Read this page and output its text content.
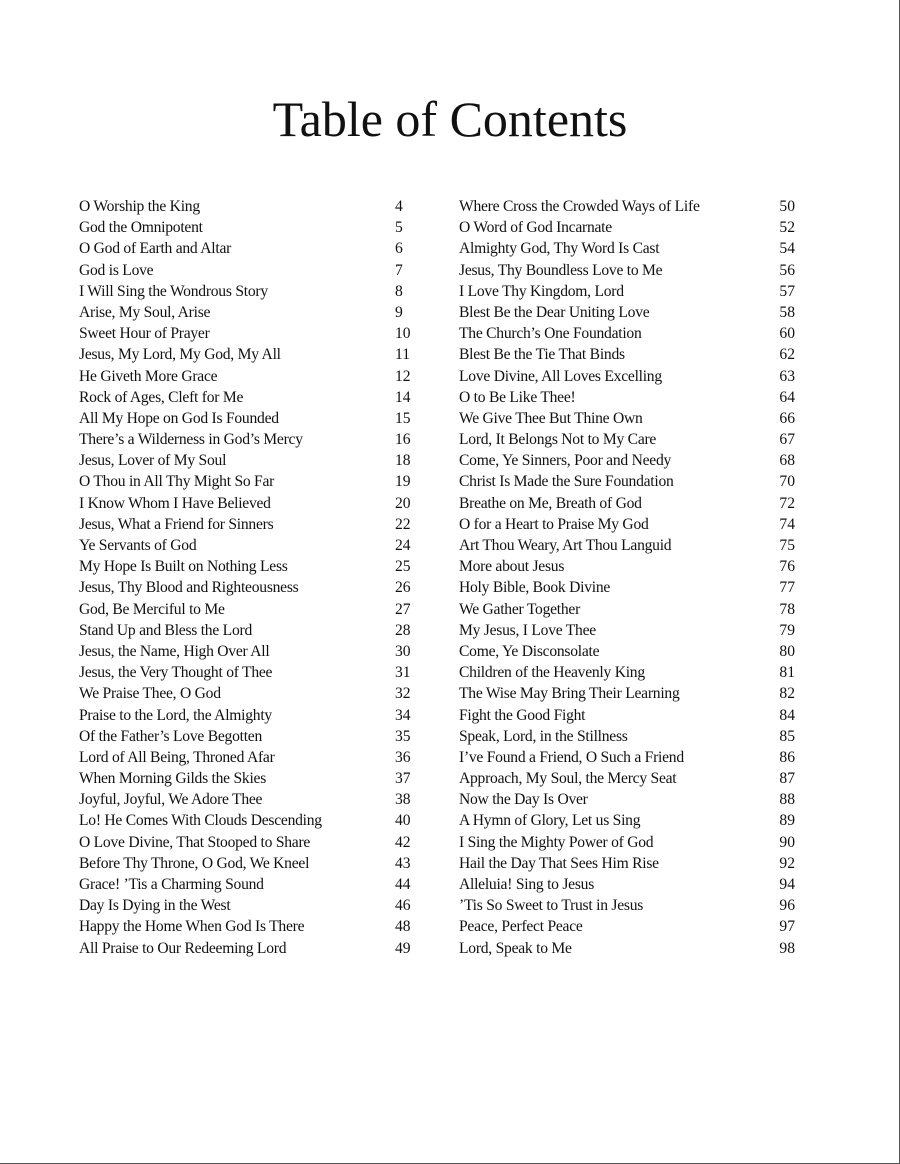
Table of Contents
O Worship the King	4
God the Omnipotent	5
O God of Earth and Altar	6
God is Love	7
I Will Sing the Wondrous Story	8
Arise, My Soul, Arise	9
Sweet Hour of Prayer	10
Jesus, My Lord, My God, My All	11
He Giveth More Grace	12
Rock of Ages, Cleft for Me	14
All My Hope on God Is Founded	15
There’s a Wilderness in God’s Mercy	16
Jesus, Lover of My Soul	18
O Thou in All Thy Might So Far	19
I Know Whom I Have Believed	20
Jesus, What a Friend for Sinners	22
Ye Servants of God	24
My Hope Is Built on Nothing Less	25
Jesus, Thy Blood and Righteousness	26
God, Be Merciful to Me	27
Stand Up and Bless the Lord	28
Jesus, the Name, High Over All	30
Jesus, the Very Thought of Thee	31
We Praise Thee, O God	32
Praise to the Lord, the Almighty	34
Of the Father’s Love Begotten	35
Lord of All Being, Throned Afar	36
When Morning Gilds the Skies	37
Joyful, Joyful, We Adore Thee	38
Lo! He Comes With Clouds Descending	40
O Love Divine, That Stooped to Share	42
Before Thy Throne, O God, We Kneel	43
Grace! ’Tis a Charming Sound	44
Day Is Dying in the West	46
Happy the Home When God Is There	48
All Praise to Our Redeeming Lord	49
Where Cross the Crowded Ways of Life	50
O Word of God Incarnate	52
Almighty God, Thy Word Is Cast	54
Jesus, Thy Boundless Love to Me	56
I Love Thy Kingdom, Lord	57
Blest Be the Dear Uniting Love	58
The Church’s One Foundation	60
Blest Be the Tie That Binds	62
Love Divine, All Loves Excelling	63
O to Be Like Thee!	64
We Give Thee But Thine Own	66
Lord, It Belongs Not to My Care	67
Come, Ye Sinners, Poor and Needy	68
Christ Is Made the Sure Foundation	70
Breathe on Me, Breath of God	72
O for a Heart to Praise My God	74
Art Thou Weary, Art Thou Languid	75
More about Jesus	76
Holy Bible, Book Divine	77
We Gather Together	78
My Jesus, I Love Thee	79
Come, Ye Disconsolate	80
Children of the Heavenly King	81
The Wise May Bring Their Learning	82
Fight the Good Fight	84
Speak, Lord, in the Stillness	85
I’ve Found a Friend, O Such a Friend	86
Approach, My Soul, the Mercy Seat	87
Now the Day Is Over	88
A Hymn of Glory, Let us Sing	89
I Sing the Mighty Power of God	90
Hail the Day That Sees Him Rise	92
Alleluia! Sing to Jesus	94
’Tis So Sweet to Trust in Jesus	96
Peace, Perfect Peace	97
Lord, Speak to Me	98
